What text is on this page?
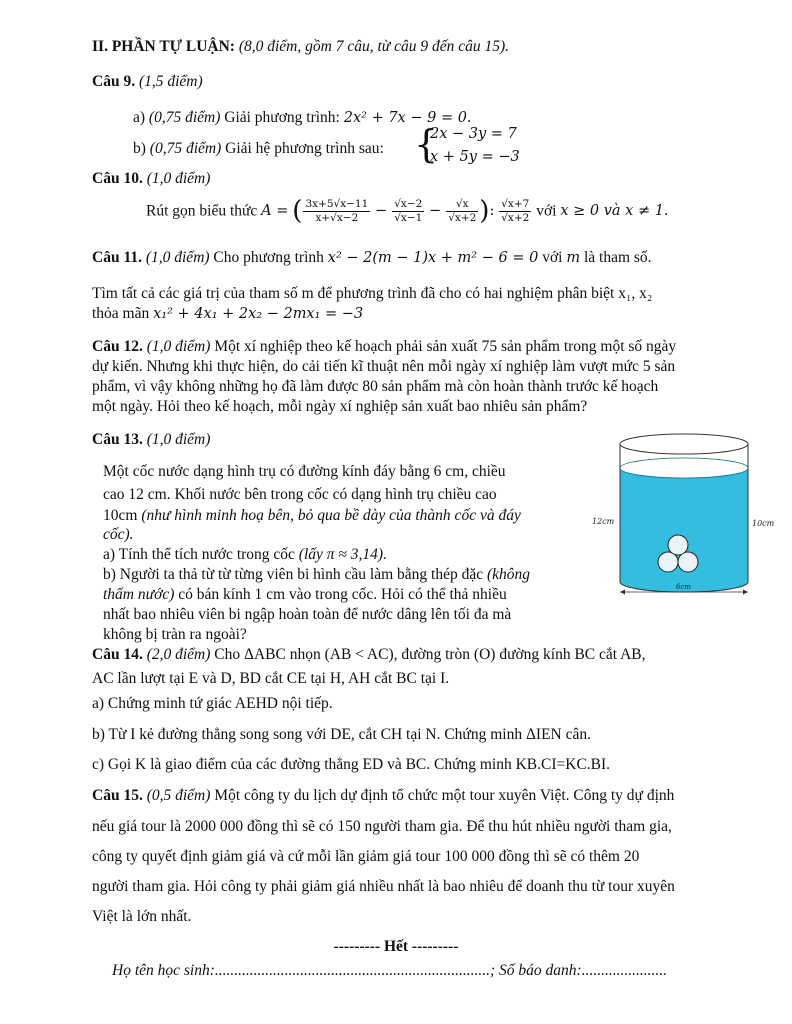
II. PHẦN TỰ LUẬN: (8,0 điểm, gồm 7 câu, từ câu 9 đến câu 15).
Câu 9. (1,5 điểm)
a) (0,75 điểm) Giải phương trình: 2x² + 7x − 9 = 0.
b) (0,75 điểm) Giải hệ phương trình sau: {
2x − 3y = 7
x + 5y = −3
Câu 10. (1,0 điểm)
Rút gọn biểu thức A = ( $\frac{3x+5√x-11}{x+√x-2} - \frac{√x-2}{√x-1} - \frac{√x}{√x+2}$ ): $\frac{√x+7}{√x+2}$ với x ≥ 0 và x ≠ 1.
Câu 11. (1,0 điểm) Cho phương trình x² − 2(m − 1)x + m² − 6 = 0 với m là tham số.
Tìm tất cả các giá trị của tham số m để phương trình đã cho có hai nghiệm phân biệt x₁, x₂
thỏa mãn x₁² + 4x₁ + 2x₂ − 2mx₁ = −3
Câu 12. (1,0 điểm) Một xí nghiệp theo kế hoạch phải sản xuất 75 sản phẩm trong một số ngày
dự kiến. Nhưng khi thực hiện, do cải tiến kĩ thuật nên mỗi ngày xí nghiệp làm vượt mức 5 sản
phẩm, vì vậy không những họ đã làm được 80 sản phẩm mà còn hoàn thành trước kế hoạch
một ngày. Hỏi theo kế hoạch, mỗi ngày xí nghiệp sản xuất bao nhiêu sản phẩm?
Câu 13. (1,0 điểm)
Một cốc nước dạng hình trụ có đường kính đáy bằng 6 cm, chiều
cao 12 cm. Khối nước bên trong cốc có dạng hình trụ chiều cao
10cm (như hình minh hoạ bên, bỏ qua bề dày của thành cốc và đáy
cốc).
a) Tính thể tích nước trong cốc (lấy π ≈ 3,14).
b) Người ta thả từ từ từng viên bi hình cầu làm bằng thép đặc (không
thấm nước) có bán kính 1 cm vào trong cốc. Hỏi có thể thả nhiều
nhất bao nhiêu viên bi ngập hoàn toàn để nước dâng lên tối đa mà
không bị tràn ra ngoài?
12cm	10cm
6cm
Câu 14. (2,0 điểm) Cho ΔABC nhọn (AB < AC), đường tròn (O) đường kính BC cắt AB,
AC lần lượt tại E và D, BD cắt CE tại H, AH cắt BC tại I.
a) Chứng minh tứ giác AEHD nội tiếp.
b) Từ I kẻ đường thẳng song song với DE, cắt CH tại N. Chứng minh ΔIEN cân.
c) Gọi K là giao điểm của các đường thẳng ED và BC. Chứng minh KB.CI=KC.BI.
Câu 15. (0,5 điểm) Một công ty du lịch dự định tổ chức một tour xuyên Việt. Công ty dự định
nếu giá tour là 2000 000 đồng thì sẽ có 150 người tham gia. Để thu hút nhiều người tham gia,
công ty quyết định giảm giá và cứ mỗi lần giảm giá tour 100 000 đồng thì sẽ có thêm 20
người tham gia. Hỏi công ty phải giảm giá nhiều nhất là bao nhiêu để doanh thu từ tour xuyên
Việt là lớn nhất.
--------- Hết ---------
Họ tên học sinh:.......................................................................; Số báo danh:......................
